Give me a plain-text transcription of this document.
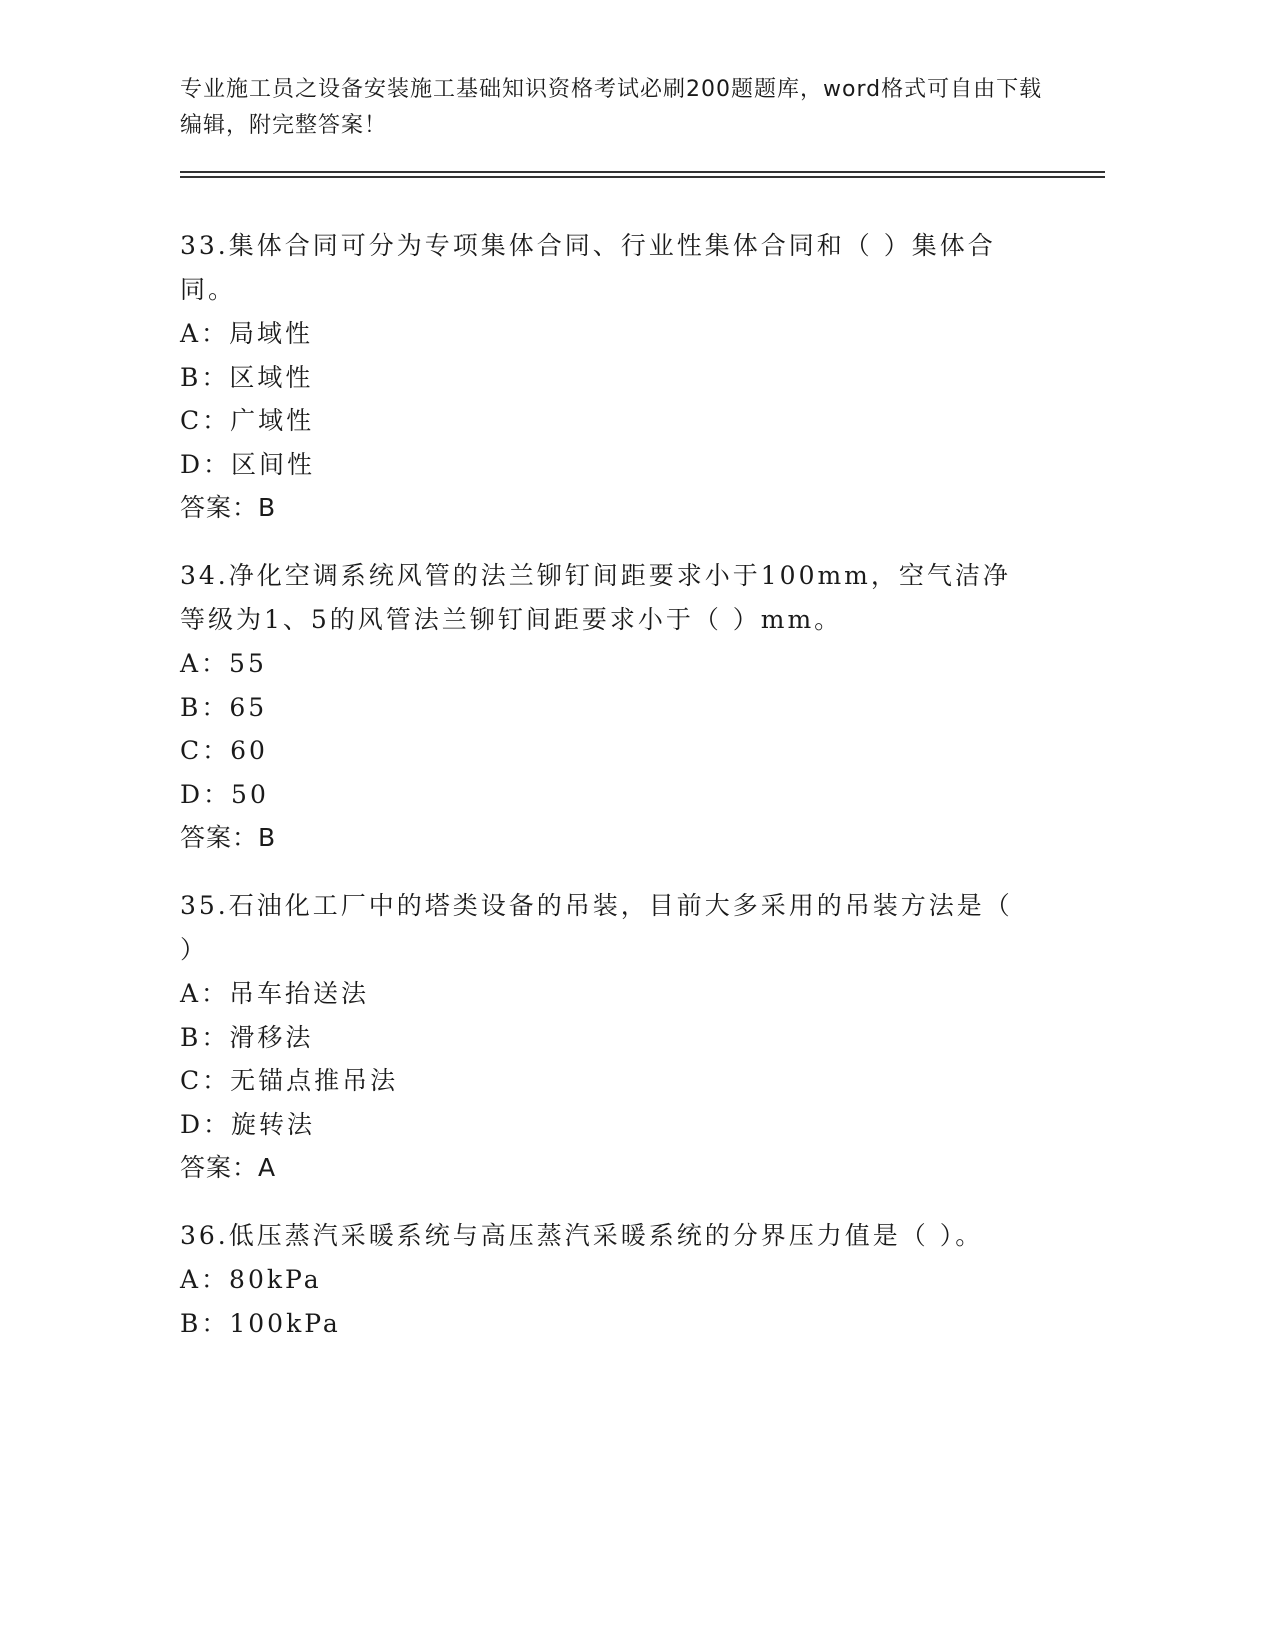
专业施工员之设备安装施工基础知识资格考试必刷200题题库，word格式可自由下载编辑，附完整答案！

33.集体合同可分为专项集体合同、行业性集体合同和（ ）集体合同。

A：局域性

B：区域性

C：广域性

D：区间性

答案：B

34.净化空调系统风管的法兰铆钉间距要求小于100mm，空气洁净等级为1、5的风管法兰铆钉间距要求小于（ ）mm。

A：55

B：65

C：60

D：50

答案：B

35.石油化工厂中的塔类设备的吊装，目前大多采用的吊装方法是（ ）

A：吊车抬送法

B：滑移法

C：无锚点推吊法

D：旋转法

答案：A

36.低压蒸汽采暖系统与高压蒸汽采暖系统的分界压力值是（ ）。

A：80kPa

B：100kPa
